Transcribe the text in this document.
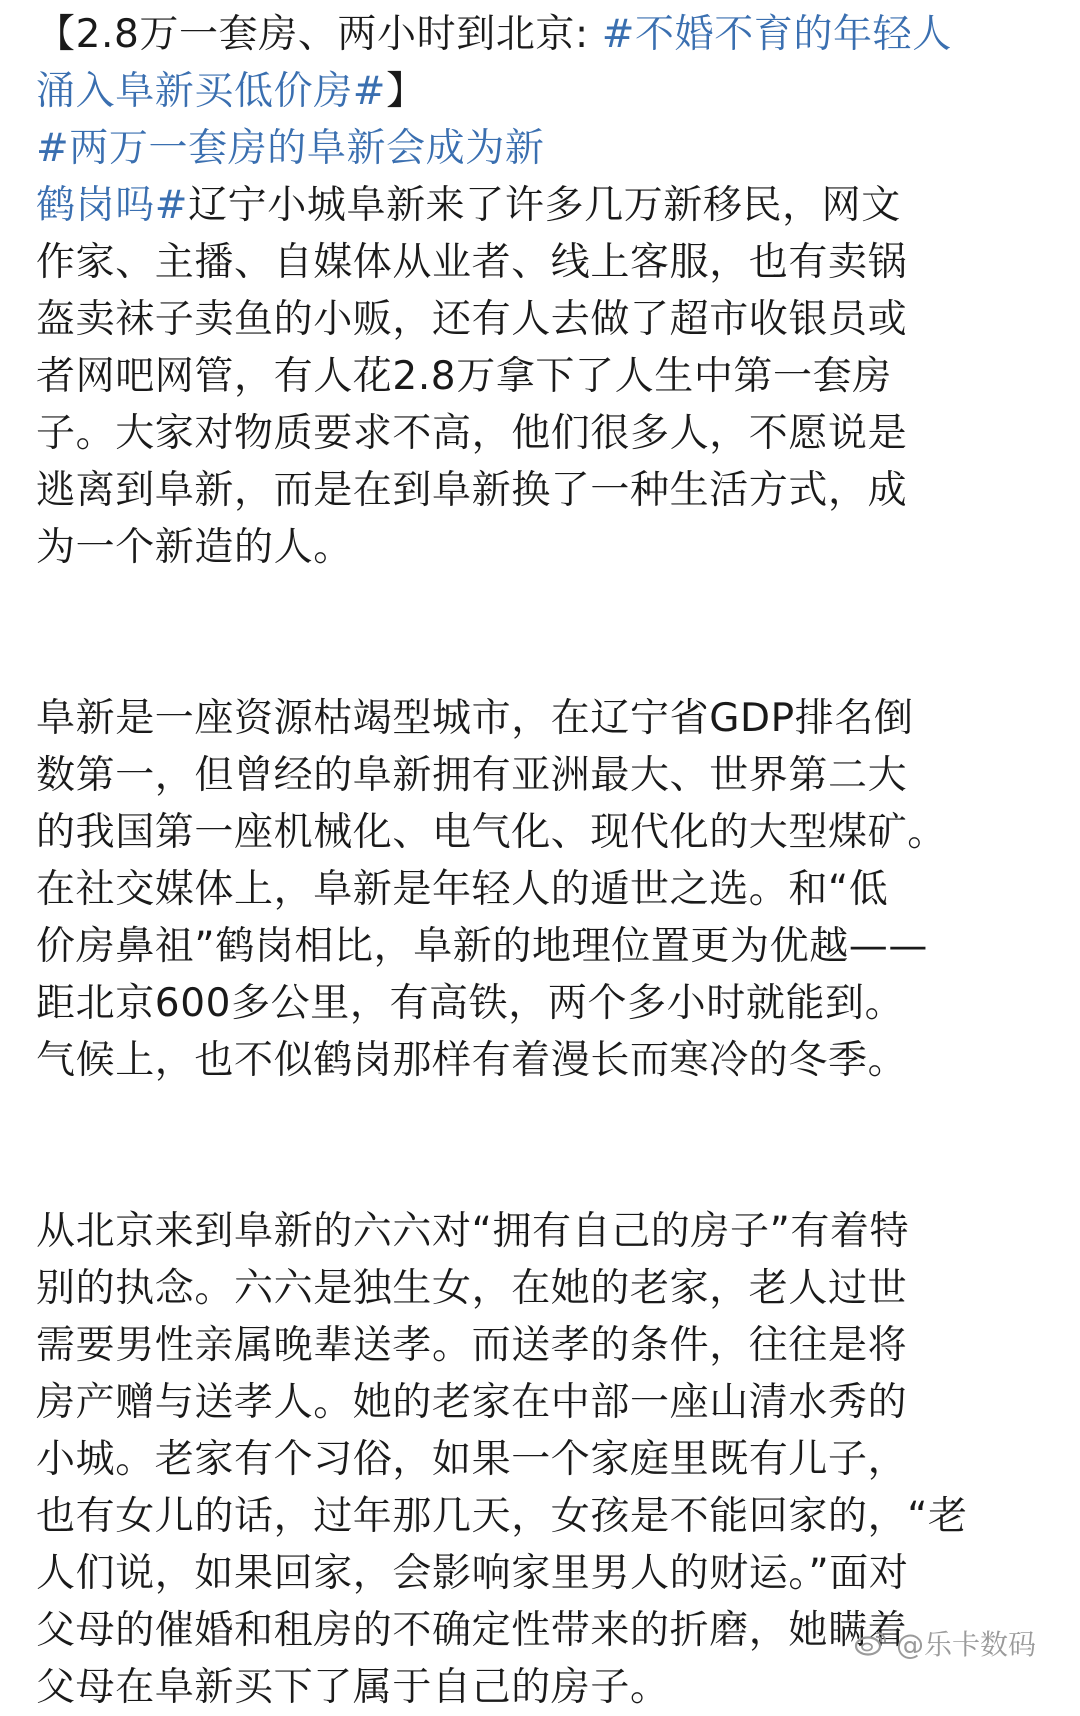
【2.8万一套房、两小时到北京: #不婚不育的年轻人
涌入阜新买低价房#】
#两万一套房的阜新会成为新
鹤岗吗#辽宁小城阜新来了许多几万新移民，网文
作家、主播、自媒体从业者、线上客服，也有卖锅
盔卖袜子卖鱼的小贩，还有人去做了超市收银员或
者网吧网管，有人花2.8万拿下了人生中第一套房
子。大家对物质要求不高，他们很多人，不愿说是
逃离到阜新，而是在到阜新换了一种生活方式，成
为一个新造的人。
阜新是一座资源枯竭型城市，在辽宁省GDP排名倒
数第一，但曾经的阜新拥有亚洲最大、世界第二大
的我国第一座机械化、电气化、现代化的大型煤矿。
在社交媒体上，阜新是年轻人的遁世之选。和“低
价房鼻祖”鹤岗相比，阜新的地理位置更为优越——
距北京600多公里，有高铁，两个多小时就能到。
气候上，也不似鹤岗那样有着漫长而寒冷的冬季。
从北京来到阜新的六六对“拥有自己的房子”有着特
别的执念。六六是独生女，在她的老家，老人过世
需要男性亲属晚辈送孝。而送孝的条件，往往是将
房产赠与送孝人。她的老家在中部一座山清水秀的
小城。老家有个习俗，如果一个家庭里既有儿子，
也有女儿的话，过年那几天，女孩是不能回家的，“老
人们说，如果回家，会影响家里男人的财运。”面对
父母的催婚和租房的不确定性带来的折磨，她瞒着
父母在阜新买下了属于自己的房子。
@乐卡数码
